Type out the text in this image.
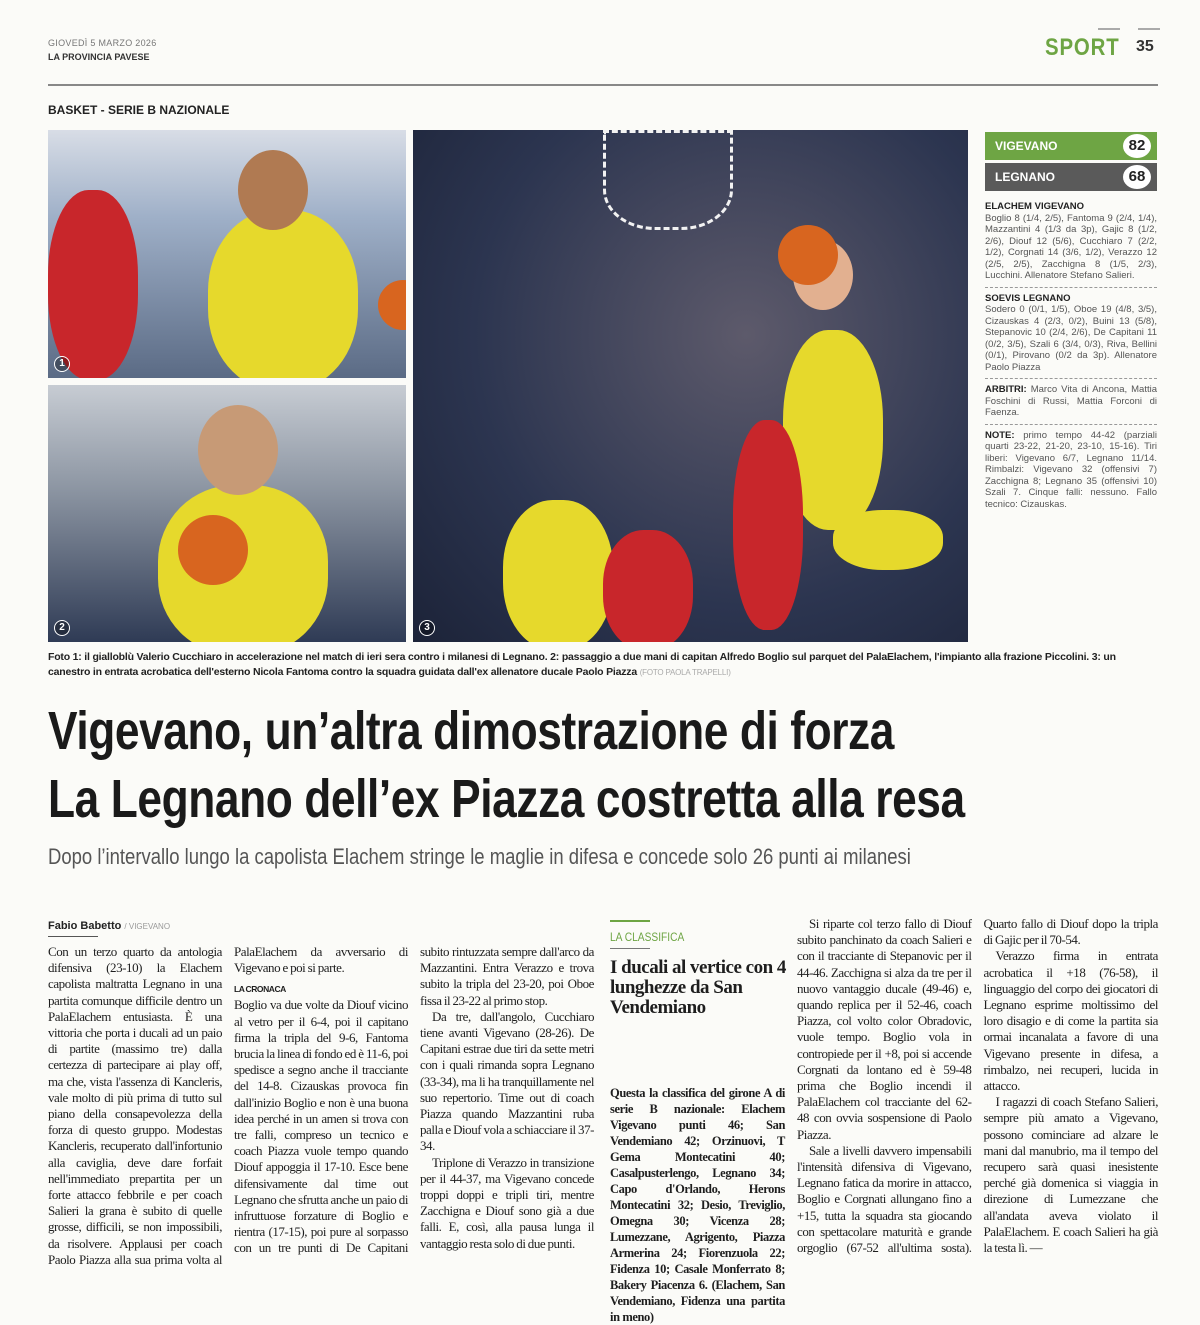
GIOVEDÌ 5 MARZO 2026
LA PROVINCIA PAVESE	SPORT 35
BASKET - SERIE B NAZIONALE
1
2	3
VIGEVANO	82
LEGNANO	68
ELACHEM VIGEVANO
Boglio 8 (1/4, 2/5), Fantoma 9 (2/4, 1/4), Mazzantini 4 (1/3 da 3p), Gajic 8 (1/2, 2/6), Diouf 12 (5/6), Cucchiaro 7 (2/2, 1/2), Corgnati 14 (3/6, 1/2), Verazzo 12 (2/5, 2/5), Zacchigna 8 (1/5, 2/3), Lucchini. Allenatore Stefano Salieri.
SOEVIS LEGNANO
Sodero 0 (0/1, 1/5), Oboe 19 (4/8, 3/5), Cizauskas 4 (2/3, 0/2), Buini 13 (5/8), Stepanovic 10 (2/4, 2/6), De Capitani 11 (0/2, 3/5), Szali 6 (3/4, 0/3), Riva, Bellini (0/1), Pirovano (0/2 da 3p). Allenatore Paolo Piazza
ARBITRI: Marco Vita di Ancona, Mattia Foschini di Russi, Mattia Forconi di Faenza.
NOTE: primo tempo 44-42 (parziali quarti 23-22, 21-20, 23-10, 15-16). Tiri liberi: Vigevano 6/7, Legnano 11/14. Rimbalzi: Vigevano 32 (offensivi 7) Zacchigna 8; Legnano 35 (offensivi 10) Szali 7. Cinque falli: nessuno. Fallo tecnico: Cizauskas.
Foto 1: il gialloblù Valerio Cucchiaro in accelerazione nel match di ieri sera contro i milanesi di Legnano. 2: passaggio a due mani di capitan Alfredo Boglio sul parquet del PalaElachem, l'impianto alla frazione Piccolini. 3: un canestro in entrata acrobatica dell'esterno Nicola Fantoma contro la squadra guidata dall'ex allenatore ducale Paolo Piazza (FOTO PAOLA TRAPELLI)
Vigevano, un’altra dimostrazione di forza
La Legnano dell’ex Piazza costretta alla resa
Dopo l’intervallo lungo la capolista Elachem stringe le maglie in difesa e concede solo 26 punti ai milanesi
Fabio Babetto / VIGEVANO

Con un terzo quarto da antologia difensiva (23-10) la Elachem capolista maltratta Legnano in una partita comunque difficile dentro un PalaElachem entusiasta. È una vittoria che porta i ducali ad un paio di partite (massimo tre) dalla certezza di partecipare ai play off, ma che, vista l'assenza di Kancleris, vale molto di più prima di tutto sul piano della consapevolezza della forza di questo gruppo. Modestas Kancleris, recuperato dall'infortunio alla caviglia, deve dare forfait nell'immediato prepartita per un forte attacco febbrile e per coach Salieri la grana è subito di quelle grosse, difficili, se non impossibili, da risolvere. Applausi per coach Paolo Piazza alla sua prima volta al PalaElachem da avversario di Vigevano e poi si parte.

LA CRONACA

Boglio va due volte da Diouf vicino al vetro per il 6-4, poi il capitano firma la tripla del 9-6, Fantoma brucia la linea di fondo ed è 11-6, poi spedisce a segno anche il tracciante del 14-8. Cizauskas provoca fin dall'inizio Boglio e non è una buona idea perché in un amen si trova con tre falli, compreso un tecnico e coach Piazza vuole tempo quando Diouf appoggia il 17-10. Esce bene difensivamente dal time out Legnano che sfrutta anche un paio di infruttuose forzature di Boglio e rientra (17-15), poi pure al sorpasso con un tre punti di De Capitani subito rintuzzata sempre dall'arco da Mazzantini. Entra Verazzo e trova subito la tripla del 23-20, poi Oboe fissa il 23-22 al primo stop.

Da tre, dall'angolo, Cucchiaro tiene avanti Vigevano (28-26). De Capitani estrae due tiri da sette metri con i quali rimanda sopra Legnano (33-34), ma li ha tranquillamente nel suo repertorio. Time out di coach Piazza quando Mazzantini ruba palla e Diouf vola a schiacciare il 37-34.

Triplone di Verazzo in transizione per il 44-37, ma Vigevano concede troppi doppi e tripli tiri, mentre Zacchigna e Diouf sono già a due falli. E, così, alla pausa lunga il vantaggio resta solo di due punti.

Si riparte col terzo fallo di Diouf subito panchinato da coach Salieri e con il tracciante di Stepanovic per il 44-46. Zacchigna si alza da tre per il nuovo vantaggio ducale (49-46) e, quando replica per il 52-46, coach Piazza, col volto color Obradovic, vuole tempo. Boglio vola in contropiede per il +8, poi si accende Corgnati da lontano ed è 59-48 prima che Boglio incendi il PalaElachem col tracciante del 62-48 con ovvia sospensione di Paolo Piazza.

Sale a livelli davvero impensabili l'intensità difensiva di Vigevano, Legnano fatica da morire in attacco, Boglio e Corgnati allungano fino a +15, tutta la squadra sta giocando con spettacolare maturità e grande orgoglio (67-52 all'ultima sosta). Quarto fallo di Diouf dopo la tripla di Gajic per il 70-54.

Verazzo firma in entrata acrobatica il +18 (76-58), il linguaggio del corpo dei giocatori di Legnano esprime moltissimo del loro disagio e di come la partita sia ormai incanalata a favore di una Vigevano presente in difesa, a rimbalzo, nei recuperi, lucida in attacco.

I ragazzi di coach Stefano Salieri, sempre più amato a Vigevano, possono cominciare ad alzare le mani dal manubrio, ma il tempo del recupero sarà quasi inesistente perché già domenica si viaggia in direzione di Lumezzane che all'andata aveva violato il PalaElachem. E coach Salieri ha già la testa lì. —

LA CLASSIFICA
I ducali al vertice con 4 lunghezze da San Vendemiano
Questa la classifica del girone A di serie B nazionale: Elachem Vigevano punti 46; San Vendemiano 42; Orzinuovi, T Gema Montecatini 40; Casalpusterlengo, Legnano 34; Capo d'Orlando, Herons Montecatini 32; Desio, Treviglio, Omegna 30; Vicenza 28; Lumezzane, Agrigento, Piazza Armerina 24; Fiorenzuola 22; Fidenza 10; Casale Monferrato 8; Bakery Piacenza 6. (Elachem, San Vendemiano, Fidenza una partita in meno)
